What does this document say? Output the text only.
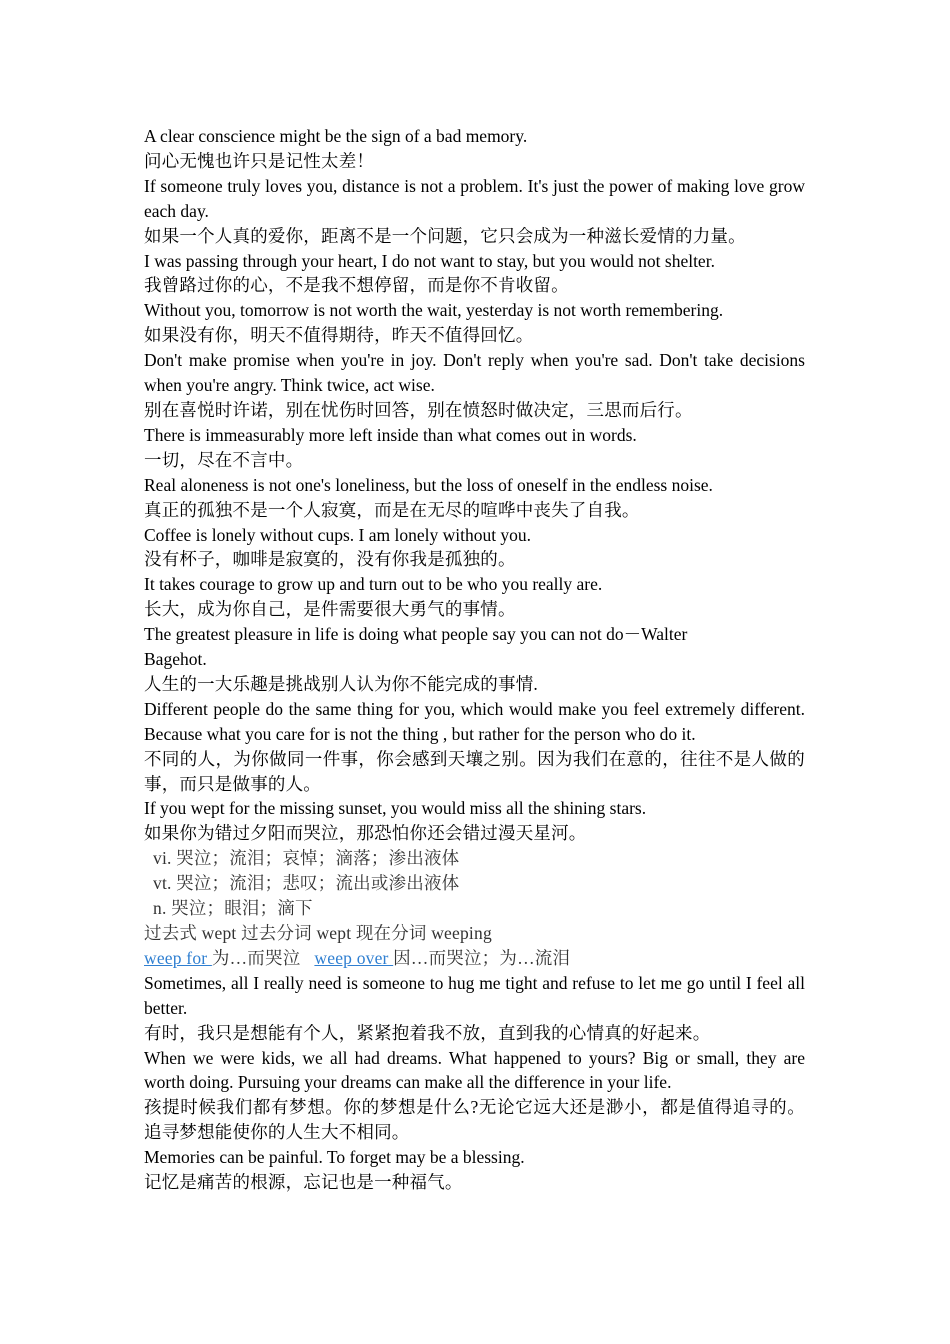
A clear conscience might be the sign of a bad memory.

问心无愧也许只是记性太差！

If someone truly loves you, distance is not a problem. It's just the power of making love grow each day.

如果一个人真的爱你，距离不是一个问题，它只会成为一种滋长爱情的力量。

I was passing through your heart, I do not want to stay, but you would not shelter.

我曾路过你的心，不是我不想停留，而是你不肯收留。

Without you, tomorrow is not worth the wait, yesterday is not worth remembering.

如果没有你，明天不值得期待，昨天不值得回忆。

Don't make promise when you're in joy. Don't reply when you're sad. Don't take decisions when you're angry. Think twice, act wise.

别在喜悦时许诺，别在忧伤时回答，别在愤怒时做决定，三思而后行。

There is immeasurably more left inside than what comes out in words.

一切，尽在不言中。

Real aloneness is not one's loneliness, but the loss of oneself in the endless noise.

真正的孤独不是一个人寂寞，而是在无尽的喧哗中丧失了自我。

Coffee is lonely without cups. I am lonely without you.

没有杯子，咖啡是寂寞的，没有你我是孤独的。

It takes courage to grow up and turn out to be who you really are.

长大，成为你自己，是件需要很大勇气的事情。

The greatest pleasure in life is doing what people say you can not do－Walter

Bagehot.

人生的一大乐趣是挑战别人认为你不能完成的事情.

Different people do the same thing for you, which would make you feel extremely different. Because what you care for is not the thing , but rather for the person who do it.

不同的人，为你做同一件事，你会感到天壤之别。因为我们在意的，往往不是人做的事，而只是做事的人。

If you wept for the missing sunset, you would miss all the shining stars.

如果你为错过夕阳而哭泣，那恐怕你还会错过漫天星河。

vi. 哭泣；流泪；哀悼；滴落；渗出液体

vt. 哭泣；流泪；悲叹；流出或渗出液体

n. 哭泣；眼泪；滴下

过去式 wept 过去分词 wept 现在分词 weeping

weep for 为…而哭泣 weep over 因…而哭泣；为…流泪

Sometimes, all I really need is someone to hug me tight and refuse to let me go until I feel all better.

有时，我只是想能有个人，紧紧抱着我不放，直到我的心情真的好起来。

When we were kids, we all had dreams. What happened to yours? Big or small, they are worth doing. Pursuing your dreams can make all the difference in your life.

孩提时候我们都有梦想。你的梦想是什么?无论它远大还是渺小，都是值得追寻的。追寻梦想能使你的人生大不相同。

Memories can be painful. To forget may be a blessing.

记忆是痛苦的根源，忘记也是一种福气。
